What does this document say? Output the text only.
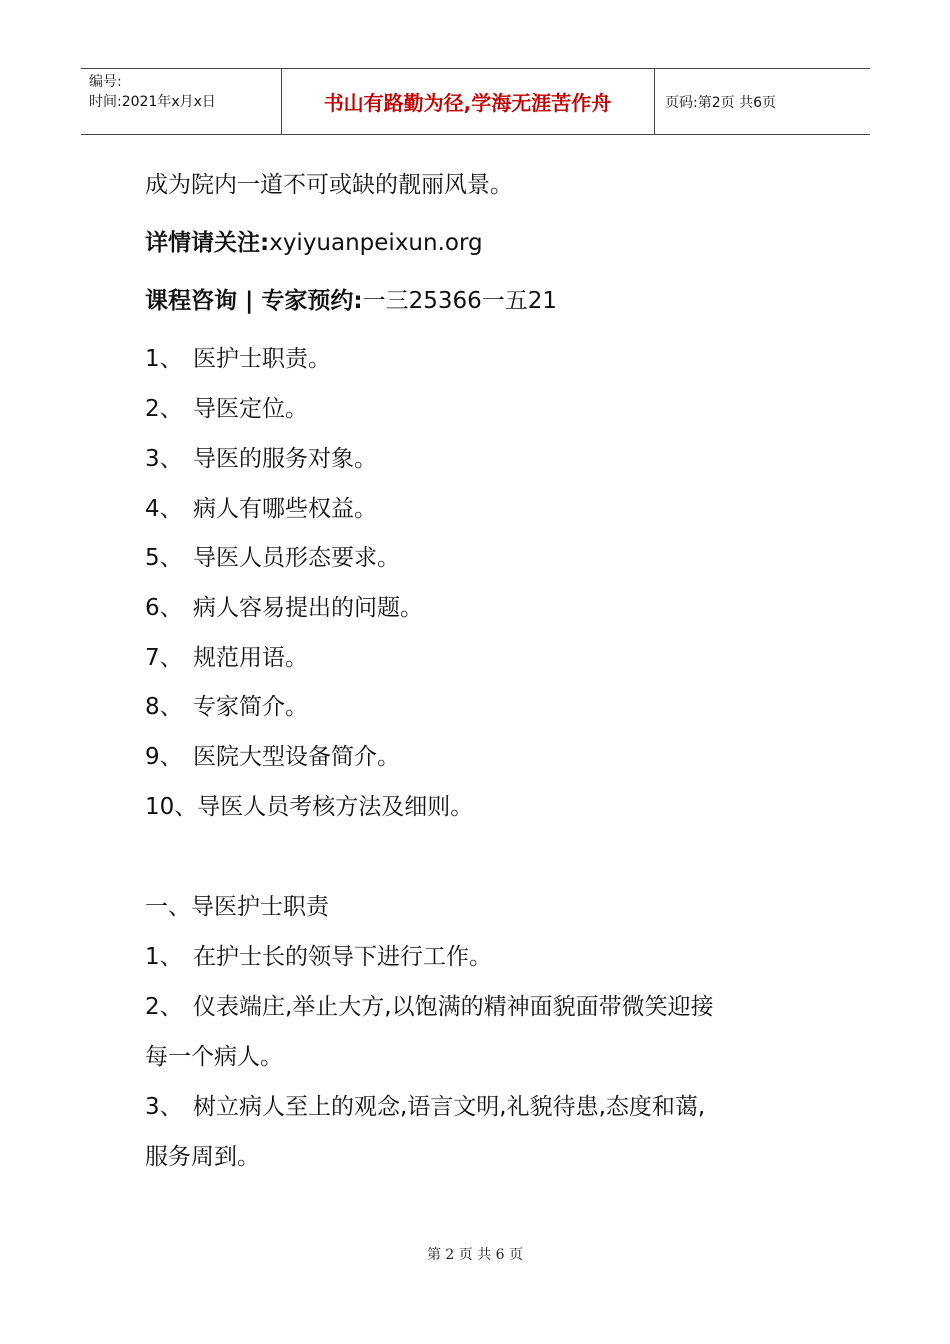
编号:
时间:2021年x月x日	书山有路勤为径,学海无涯苦作舟	页码:第2页 共6页
成为院内一道不可或缺的靓丽风景。
详情请关注:xyiyuanpeixun.org
课程咨询 | 专家预约:一三25366一五21
1、 医护士职责。
2、 导医定位。
3、 导医的服务对象。
4、 病人有哪些权益。
5、 导医人员形态要求。
6、 病人容易提出的问题。
7、 规范用语。
8、 专家简介。
9、 医院大型设备简介。
10、导医人员考核方法及细则。
一、导医护士职责
1、 在护士长的领导下进行工作。
2、 仪表端庄,举止大方,以饱满的精神面貌面带微笑迎接
每一个病人。
3、 树立病人至上的观念,语言文明,礼貌待患,态度和蔼,
服务周到。
第 2 页 共 6 页
